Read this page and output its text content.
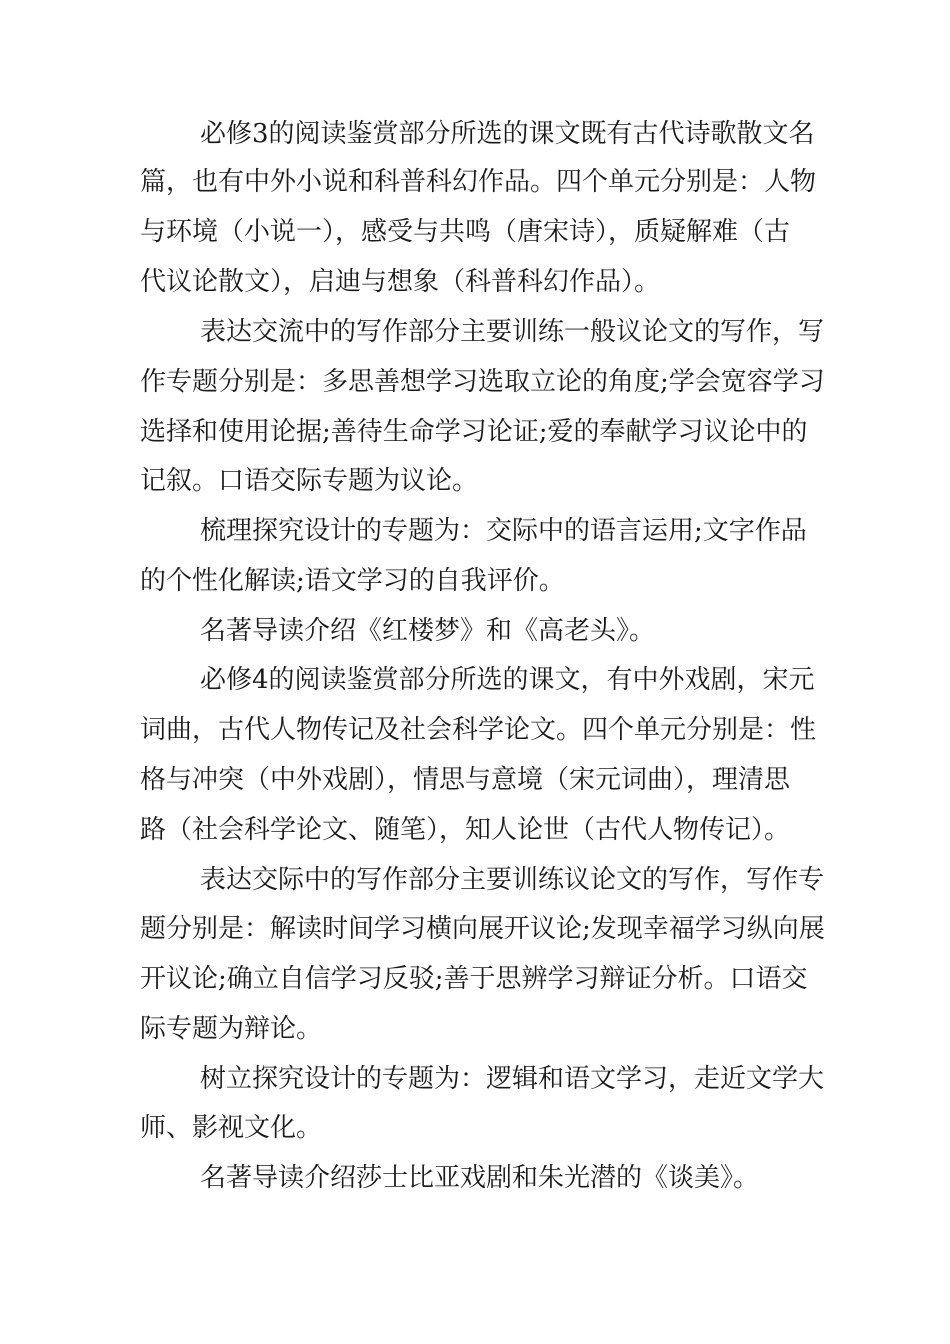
必修3的阅读鉴赏部分所选的课文既有古代诗歌散文名
篇，也有中外小说和科普科幻作品。四个单元分别是：人物
与环境（小说一），感受与共鸣（唐宋诗），质疑解难（古
代议论散文），启迪与想象（科普科幻作品）。
表达交流中的写作部分主要训练一般议论文的写作，写
作专题分别是：多思善想学习选取立论的角度;学会宽容学习
选择和使用论据;善待生命学习论证;爱的奉献学习议论中的
记叙。口语交际专题为议论。
梳理探究设计的专题为：交际中的语言运用;文字作品
的个性化解读;语文学习的自我评价。
名著导读介绍《红楼梦》和《高老头》。
必修4的阅读鉴赏部分所选的课文，有中外戏剧，宋元
词曲，古代人物传记及社会科学论文。四个单元分别是：性
格与冲突（中外戏剧），情思与意境（宋元词曲），理清思
路（社会科学论文、随笔），知人论世（古代人物传记）。
表达交际中的写作部分主要训练议论文的写作，写作专
题分别是：解读时间学习横向展开议论;发现幸福学习纵向展
开议论;确立自信学习反驳;善于思辨学习辩证分析。口语交
际专题为辩论。
树立探究设计的专题为：逻辑和语文学习，走近文学大
师、影视文化。
名著导读介绍莎士比亚戏剧和朱光潜的《谈美》。
